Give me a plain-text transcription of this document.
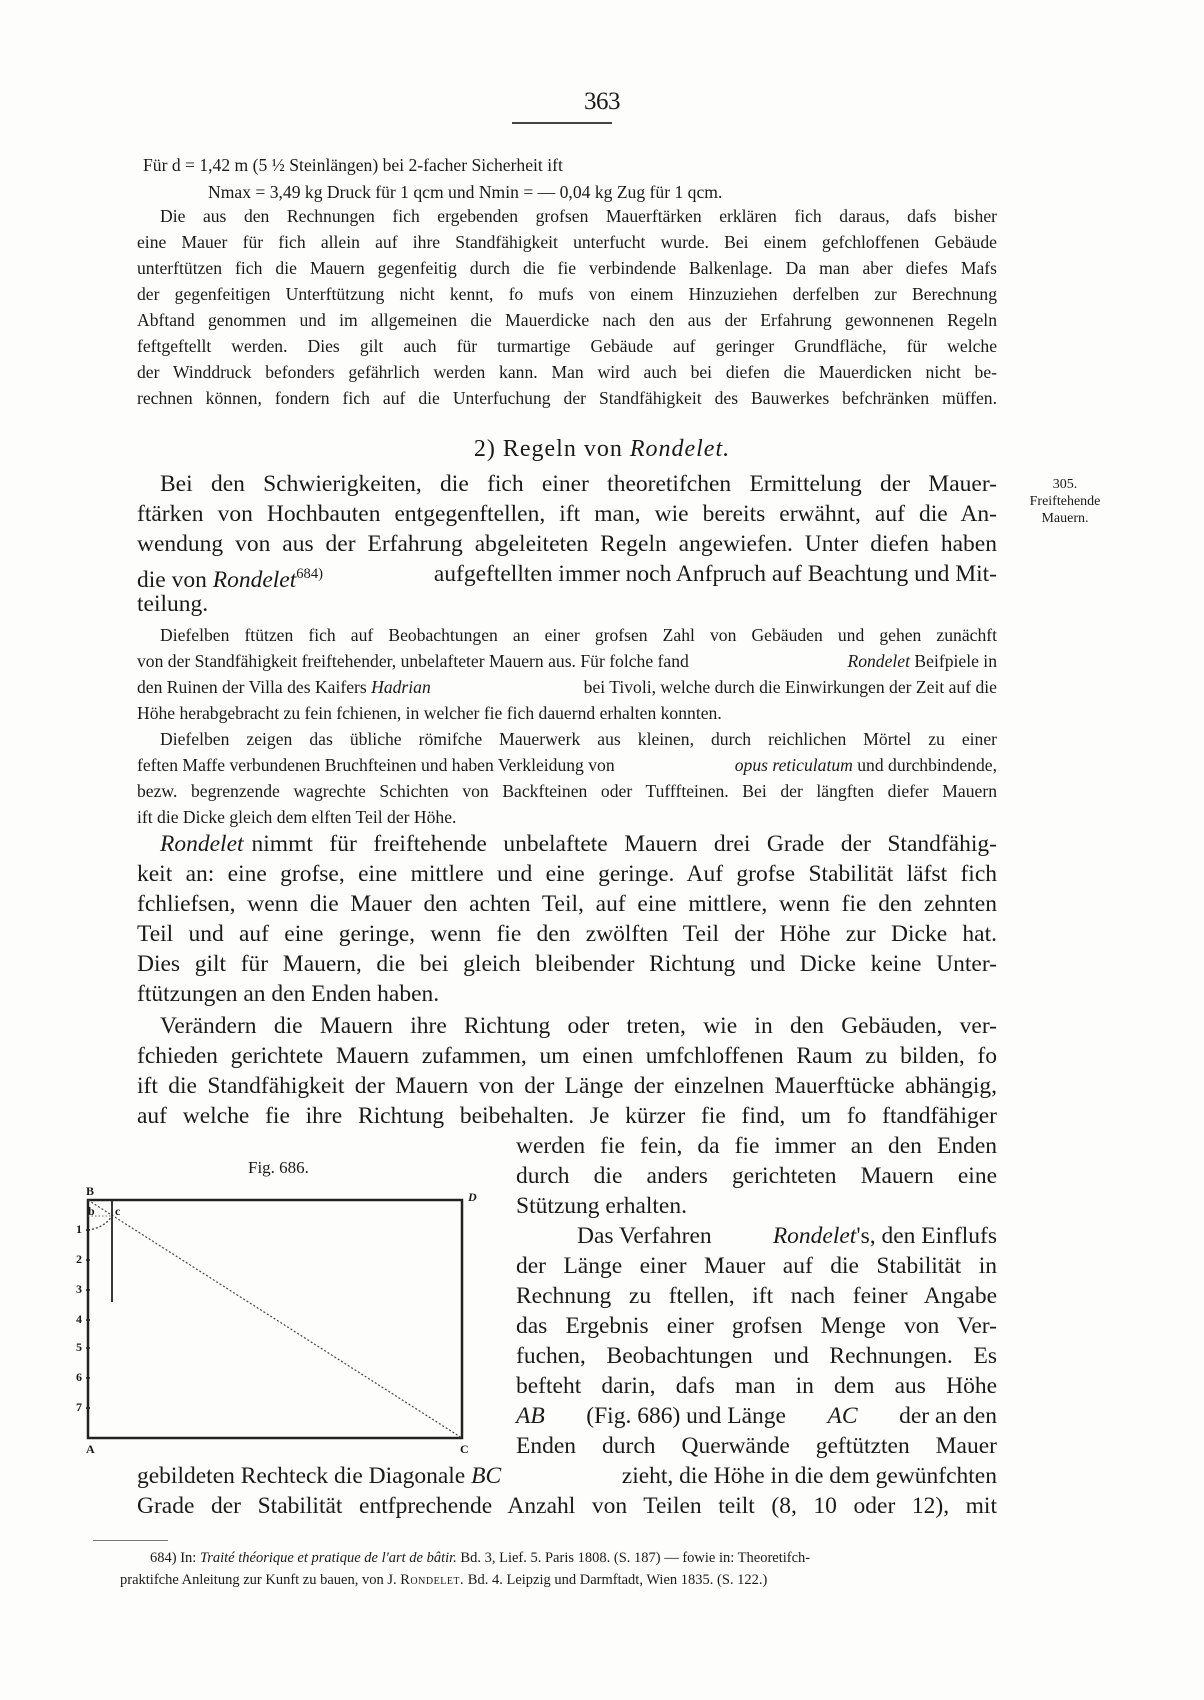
363
Für d = 1,42 m (5 ½ Steinlängen) bei 2-facher Sicherheit ift
Nmax = 3,49 kg Druck für 1 qcm und Nmin = — 0,04 kg Zug für 1 qcm.
Die aus den Rechnungen fich ergebenden grofsen Mauerftärken erklären fich daraus, dafs bisher
eine Mauer für fich allein auf ihre Standfähigkeit unterfucht wurde. Bei einem gefchloffenen Gebäude
unterftützen fich die Mauern gegenfeitig durch die fie verbindende Balkenlage. Da man aber diefes Mafs
der gegenfeitigen Unterftützung nicht kennt, fo mufs von einem Hinzuziehen derfelben zur Berechnung
Abftand genommen und im allgemeinen die Mauerdicke nach den aus der Erfahrung gewonnenen Regeln
feftgeftellt werden. Dies gilt auch für turmartige Gebäude auf geringer Grundfläche, für welche
der Winddruck befonders gefährlich werden kann. Man wird auch bei diefen die Mauerdicken nicht be-
rechnen können, fondern fich auf die Unterfuchung der Standfähigkeit des Bauwerkes befchränken müffen.
2) Regeln von Rondelet.
305.
Freiftehende
Mauern.
Bei den Schwierigkeiten, die fich einer theoretifchen Ermittelung der Mauer-
ftärken von Hochbauten entgegenftellen, ift man, wie bereits erwähnt, auf die An-
wendung von aus der Erfahrung abgeleiteten Regeln angewiefen. Unter diefen haben
die von Rondelet$^{684)}$	aufgeftellten immer noch Anfpruch auf Beachtung und Mit-
teilung.
Diefelben ftützen fich auf Beobachtungen an einer grofsen Zahl von Gebäuden und gehen zunächft
von der Standfähigkeit freiftehender, unbelafteter Mauern aus. Für folche fand	Rondelet Beifpiele in
den Ruinen der Villa des Kaifers Hadrian	bei Tivoli, welche durch die Einwirkungen der Zeit auf die
Höhe herabgebracht zu fein fchienen, in welcher fie fich dauernd erhalten konnten.
Diefelben zeigen das übliche römifche Mauerwerk aus kleinen, durch reichlichen Mörtel zu einer
feften Maffe verbundenen Bruchfteinen und haben Verkleidung von	opus reticulatum und durchbindende,
bezw. begrenzende wagrechte Schichten von Backfteinen oder Tufffteinen. Bei der längften diefer Mauern
ift die Dicke gleich dem elften Teil der Höhe.
Rondelet nimmt für freiftehende unbelaftete Mauern drei Grade der Standfähig-
keit an: eine grofse, eine mittlere und eine geringe. Auf grofse Stabilität läfst fich
fchliefsen, wenn die Mauer den achten Teil, auf eine mittlere, wenn fie den zehnten
Teil und auf eine geringe, wenn fie den zwölften Teil der Höhe zur Dicke hat.
Dies gilt für Mauern, die bei gleich bleibender Richtung und Dicke keine Unter-
ftützungen an den Enden haben.
Verändern die Mauern ihre Richtung oder treten, wie in den Gebäuden, ver-
fchieden gerichtete Mauern zufammen, um einen umfchloffenen Raum zu bilden, fo
ift die Standfähigkeit der Mauern von der Länge der einzelnen Mauerftücke abhängig,
auf welche fie ihre Richtung beibehalten. Je kürzer fie find, um fo ftandfähiger
werden fie fein, da fie immer an den Enden
durch die anders gerichteten Mauern eine
Stützung erhalten.
Das Verfahren	Rondelet's, den Einflufs
der Länge einer Mauer auf die Stabilität in
Rechnung zu ftellen, ift nach feiner Angabe
das Ergebnis einer grofsen Menge von Ver-
fuchen, Beobachtungen und Rechnungen. Es
befteht darin, dafs man in dem aus Höhe
AB (Fig. 686) und Länge AC der an den
Enden durch Querwände geftützten Mauer
gebildeten Rechteck die Diagonale BC	zieht, die Höhe in die dem gewünfchten
Grade der Stabilität entfprechende Anzahl von Teilen teilt (8, 10 oder 12), mit
Fig. 686.
B
b c
D
A	C
1
2
3
4
5
6
7
684) In: Traité théorique et pratique de l'art de bâtir. Bd. 3, Lief. 5. Paris 1808. (S. 187) — fowie in: Theoretifch-
praktifche Anleitung zur Kunft zu bauen, von J. Rondelet. Bd. 4. Leipzig und Darmftadt, Wien 1835. (S. 122.)
